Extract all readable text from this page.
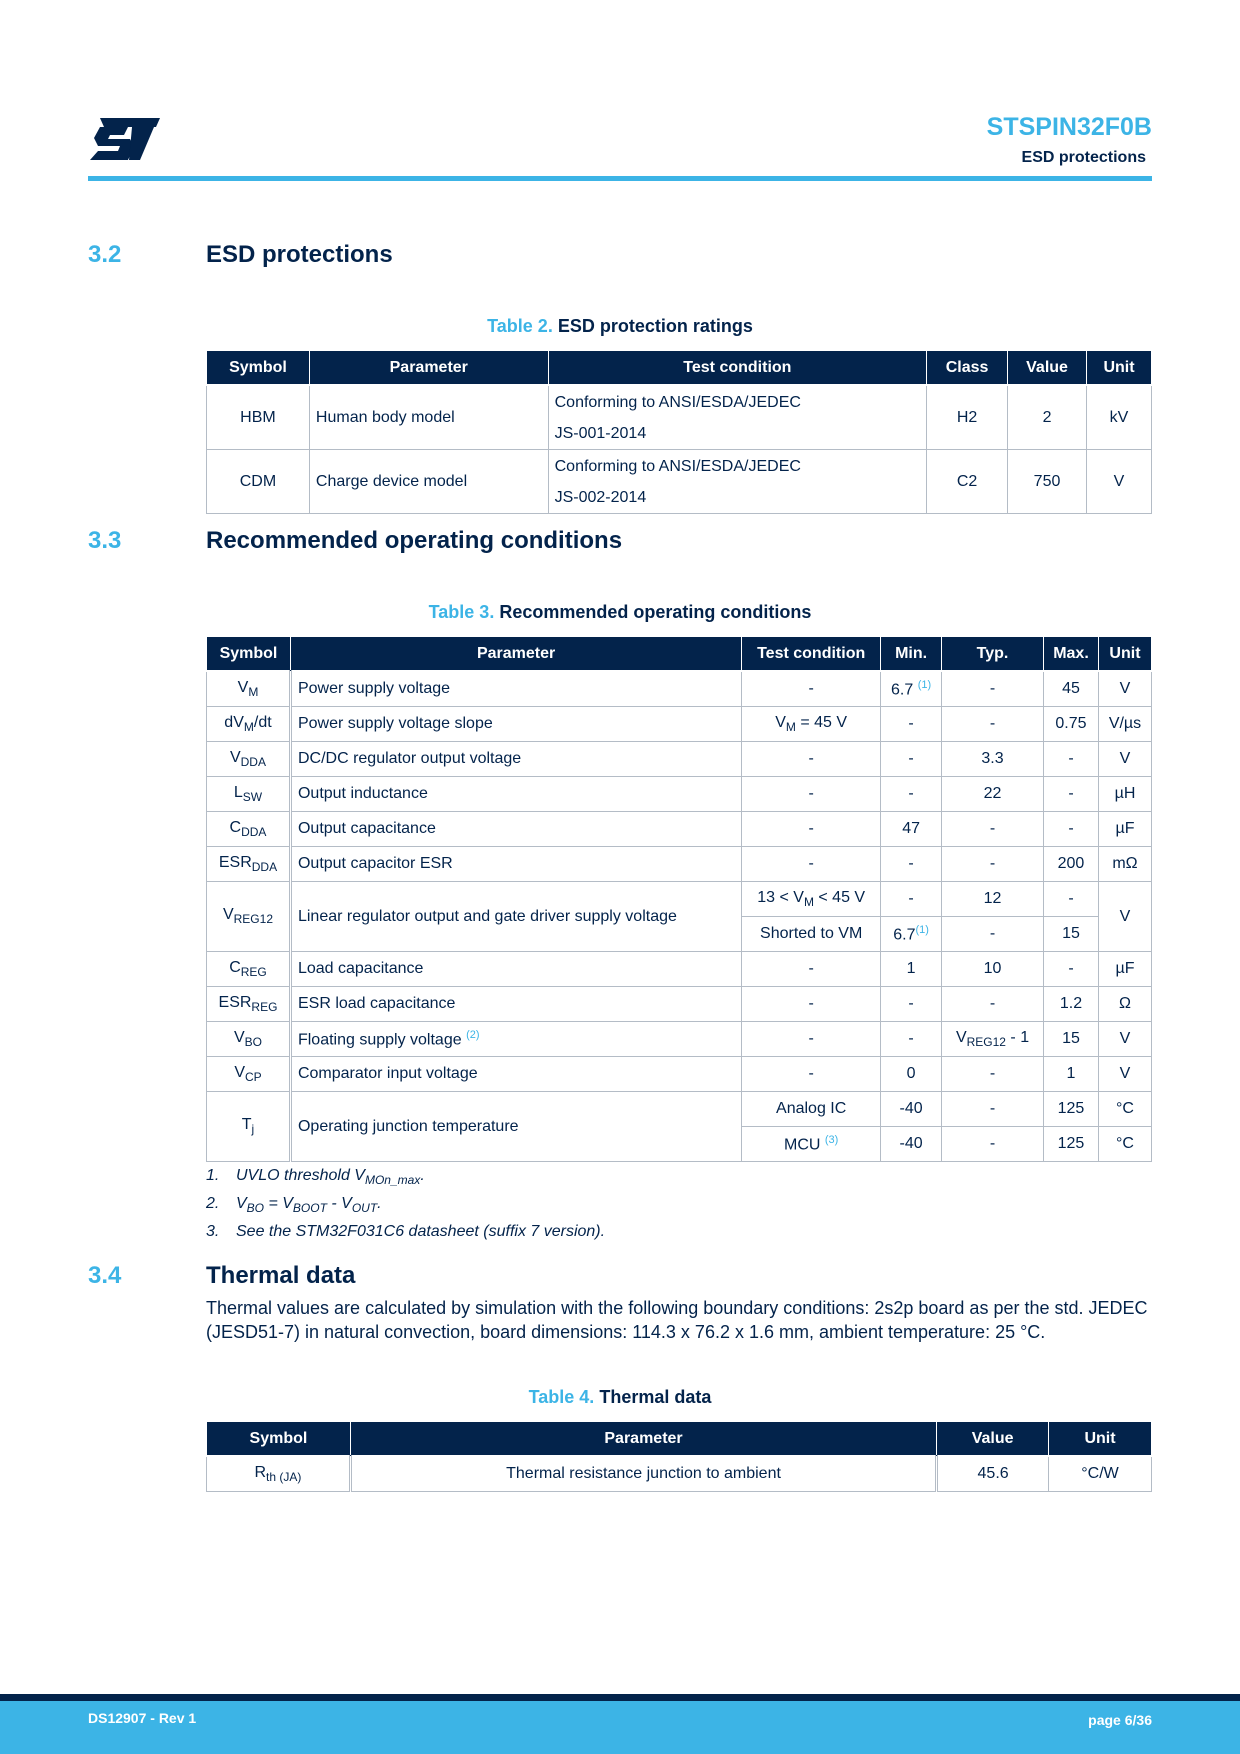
STSPIN32F0B
ESD protections
3.2	ESD protections
Table 2. ESD protection ratings
Symbol	Parameter	Test condition	Class	Value	Unit
HBM	Human body model	Conforming to ANSI/ESDA/JEDEC
JS-001-2014	H2	2	kV
CDM	Charge device model	Conforming to ANSI/ESDA/JEDEC
JS-002-2014	C2	750	V
3.3	Recommended operating conditions
Table 3. Recommended operating conditions
Symbol	Parameter	Test condition	Min.	Typ.	Max.	Unit
$V_M$	Power supply voltage	-	6.7 $^{(1)}$	-	45	V
$dV_M/dt$	Power supply voltage slope	$V_M = 45$ V	-	-	0.75	V/µs
$V_{DDA}$	DC/DC regulator output voltage	-	-	3.3	-	V
$L_{SW}$	Output inductance	-	-	22	-	µH
$C_{DDA}$	Output capacitance	-	47	-	-	µF
$ESR_{DDA}$	Output capacitor ESR	-	-	-	200	mΩ
$V_{REG12}$	Linear regulator output and gate driver supply voltage	$13 < V_M < 45$ V	-	12	-	V
		Shorted to VM	6.7$^{(1)}$	-	15	
$C_{REG}$	Load capacitance	-	1	10	-	µF
$ESR_{REG}$	ESR load capacitance	-	-	-	1.2	Ω
$V_{BO}$	Floating supply voltage $^{(2)}$	-	-	$V_{REG12} - 1$	15	V
$V_{CP}$	Comparator input voltage	-	0	-	1	V
$T_j$	Operating junction temperature	Analog IC	-40	-	125	°C
		MCU $^{(3)}$	-40	-	125	°C
1. UVLO threshold $V_{MOn\_max}$.
2. $V_{BO} = V_{BOOT} - V_{OUT}$.
3. See the STM32F031C6 datasheet (suffix 7 version).
3.4	Thermal data
Thermal values are calculated by simulation with the following boundary conditions: 2s2p board as per the std. JEDEC (JESD51-7) in natural convection, board dimensions: 114.3 x 76.2 x 1.6 mm, ambient temperature: 25 °C.
Table 4. Thermal data
Symbol	Parameter	Value	Unit
$R_{th (JA)}$	Thermal resistance junction to ambient	45.6	°C/W
DS12907 - Rev 1	page 6/36
